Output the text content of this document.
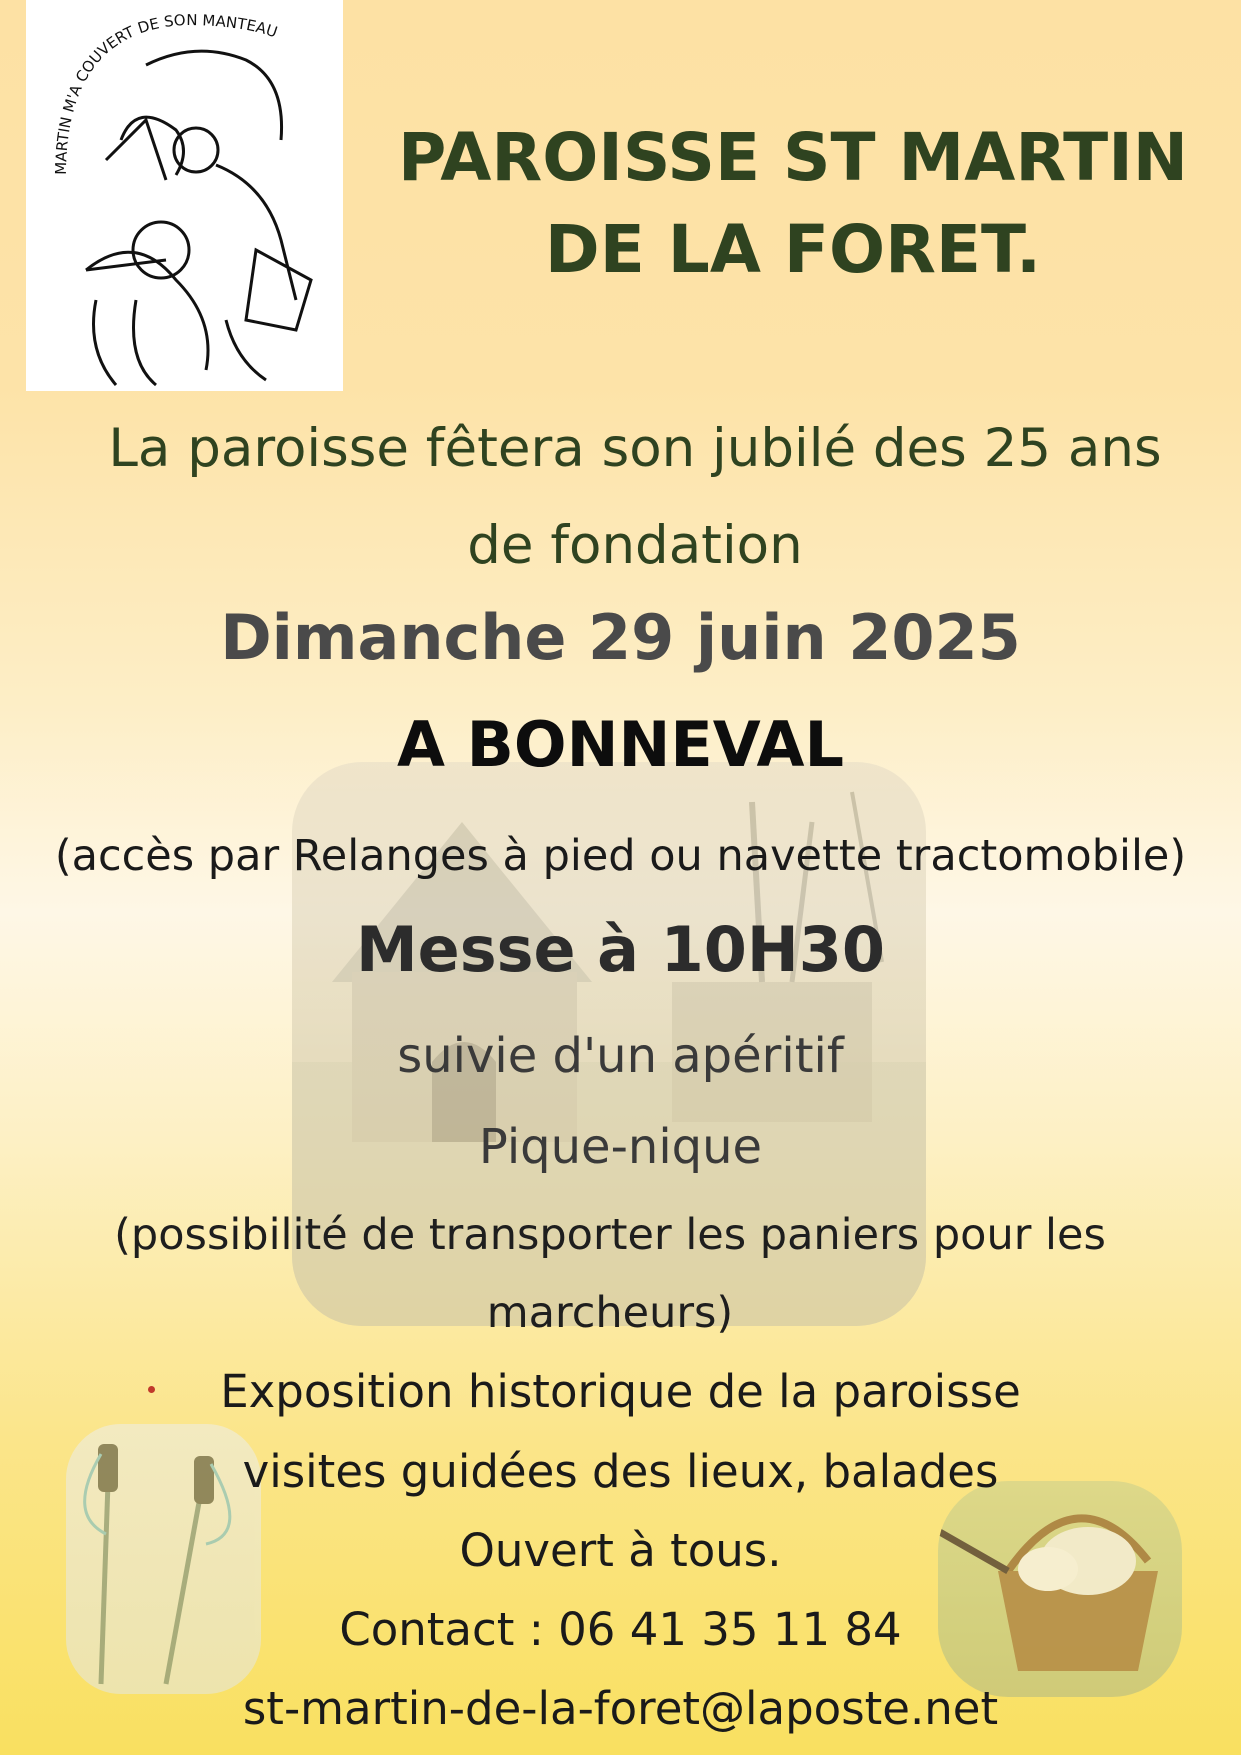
MARTIN M'A COUVERT DE SON MANTEAU
PAROISSE ST MARTIN
DE LA FORET.
La paroisse fêtera son jubilé des 25 ans
de fondation
Dimanche 29 juin 2025
A BONNEVAL
(accès par Relanges à pied ou navette tractomobile)
Messe à 10H30
suivie d'un apéritif
Pique-nique
(possibilité de transporter les paniers pour les
marcheurs)
Exposition historique de la paroisse
visites guidées des lieux, balades
Ouvert à tous.
Contact : 06 41 35 11 84
st-martin-de-la-foret@laposte.net
